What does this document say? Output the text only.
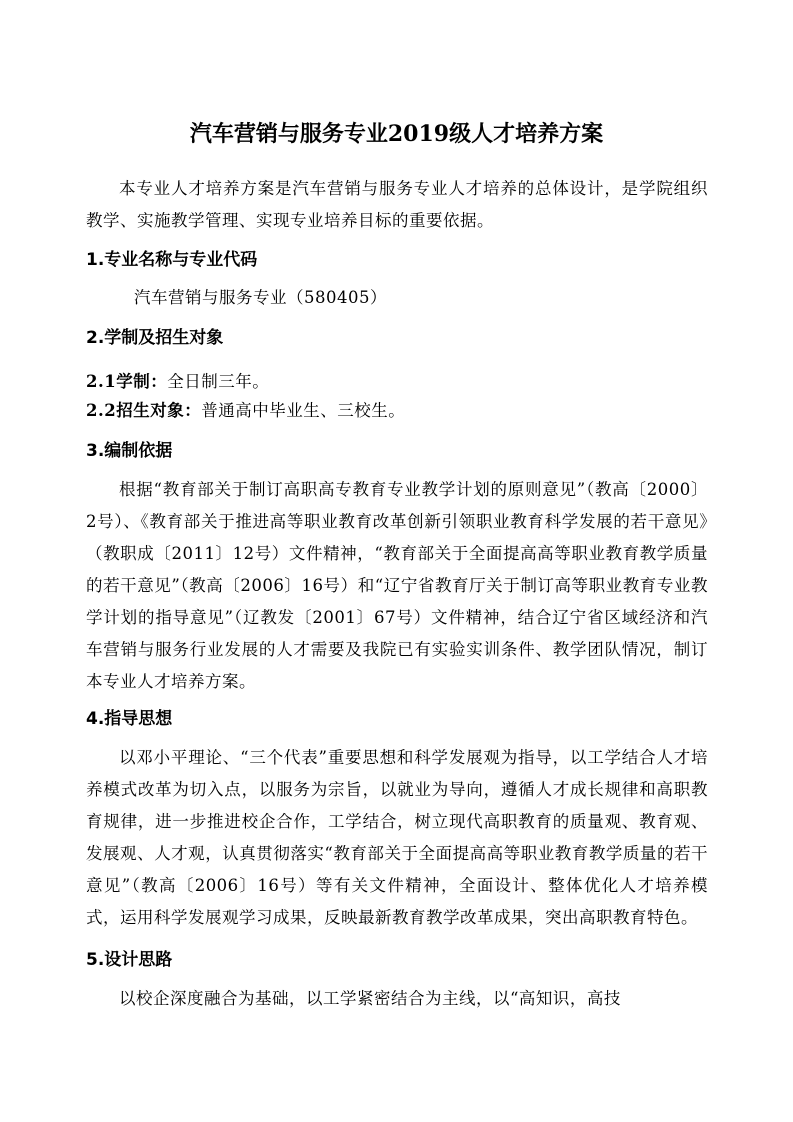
汽车营销与服务专业2019级人才培养方案

本专业人才培养方案是汽车营销与服务专业人才培养的总体设计，是学院组织教学、实施教学管理、实现专业培养目标的重要依据。

1.专业名称与专业代码

汽车营销与服务专业（580405）

2.学制及招生对象

2.1学制：全日制三年。

2.2招生对象：普通高中毕业生、三校生。

3.编制依据

根据“教育部关于制订高职高专教育专业教学计划的原则意见”（教高〔2000〕2号）、《教育部关于推进高等职业教育改革创新引领职业教育科学发展的若干意见》（教职成〔2011〕12号）文件精神，“教育部关于全面提高高等职业教育教学质量的若干意见”（教高〔2006〕16号）和“辽宁省教育厅关于制订高等职业教育专业教学计划的指导意见”（辽教发〔2001〕67号）文件精神，结合辽宁省区域经济和汽车营销与服务行业发展的人才需要及我院已有实验实训条件、教学团队情况，制订本专业人才培养方案。

4.指导思想

以邓小平理论、“三个代表”重要思想和科学发展观为指导，以工学结合人才培养模式改革为切入点，以服务为宗旨，以就业为导向，遵循人才成长规律和高职教育规律，进一步推进校企合作，工学结合，树立现代高职教育的质量观、教育观、发展观、人才观，认真贯彻落实“教育部关于全面提高高等职业教育教学质量的若干意见”（教高〔2006〕16号）等有关文件精神，全面设计、整体优化人才培养模式，运用科学发展观学习成果，反映最新教育教学改革成果，突出高职教育特色。

5.设计思路

以校企深度融合为基础，以工学紧密结合为主线，以“高知识，高技
